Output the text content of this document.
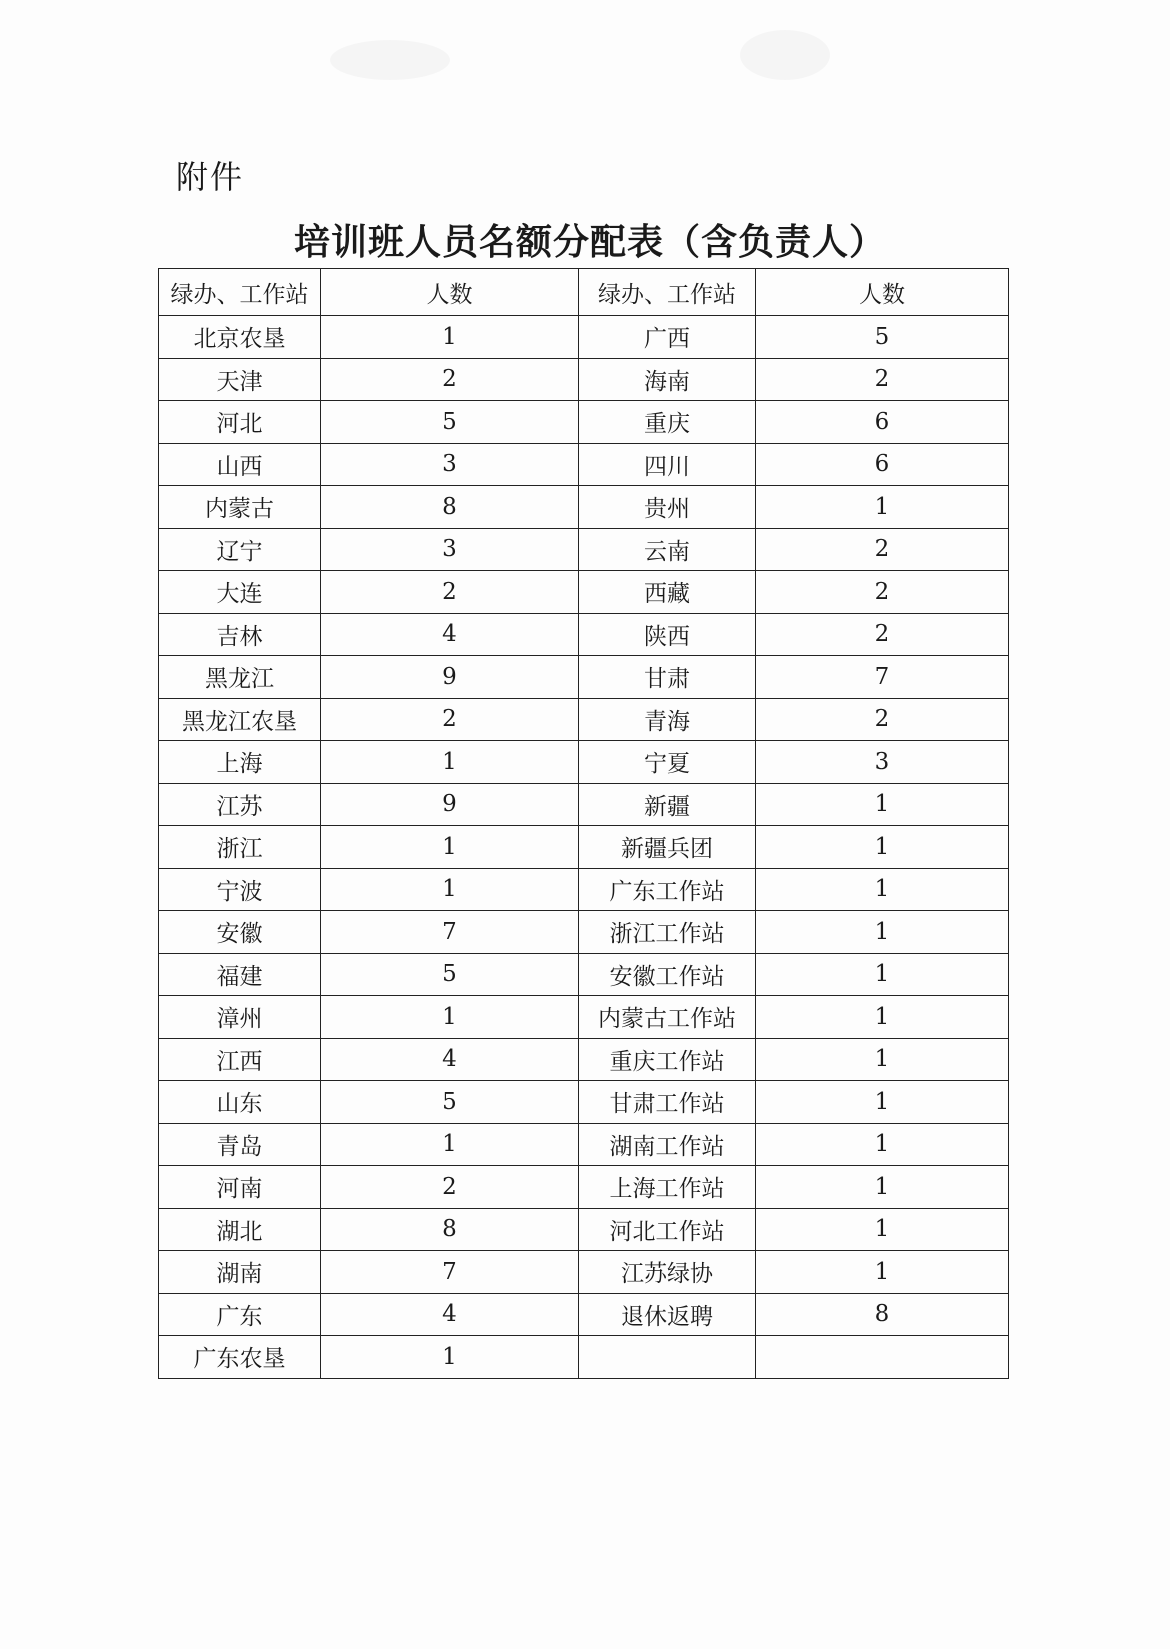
附件
培训班人员名额分配表（含负责人）
绿办、工作站	人数	绿办、工作站	人数
北京农垦	1	广西	5
天津	2	海南	2
河北	5	重庆	6
山西	3	四川	6
内蒙古	8	贵州	1
辽宁	3	云南	2
大连	2	西藏	2
吉林	4	陕西	2
黑龙江	9	甘肃	7
黑龙江农垦	2	青海	2
上海	1	宁夏	3
江苏	9	新疆	1
浙江	1	新疆兵团	1
宁波	1	广东工作站	1
安徽	7	浙江工作站	1
福建	5	安徽工作站	1
漳州	1	内蒙古工作站	1
江西	4	重庆工作站	1
山东	5	甘肃工作站	1
青岛	1	湖南工作站	1
河南	2	上海工作站	1
湖北	8	河北工作站	1
湖南	7	江苏绿协	1
广东	4	退休返聘	8
广东农垦	1		
